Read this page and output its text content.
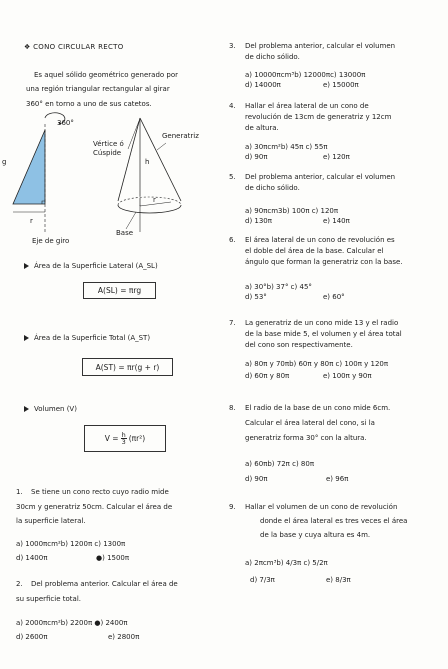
❖ CONO CIRCULAR RECTO
Es aquel sólido geométrico generado por
una región triangular rectangular al girar
360° en torno a uno de sus catetos.
360°
g
r
Vértice ó
Cúspide
Generatriz
h
r
Eje de giro
Base
Área de la Superficie Lateral (A_SL)
A(SL) = πrg
Área de la Superficie Total (A_ST)
A(ST) = πr(g + r)
Volumen (V)
$V = \frac{h}{3} (\pi r^2)$
1. Se tiene un cono recto cuyo radio mide
30cm y generatriz 50cm. Calcular el área de
la superficie lateral.
a) 1000πcm²b) 1200π c) 1300π
d) 1400π	●) 1500π
2. Del problema anterior. Calcular el área de
su superficie total.
a) 2000πcm²b) 2200π ●) 2400π
d) 2600π	e) 2800π
3. Del problema anterior, calcular el volumen
de dicho sólido.
a) 10000πcm³b) 12000πc) 13000π
d) 14000π	e) 15000π
4. Hallar el área lateral de un cono de
revolución de 13cm de generatriz y 12cm
de altura.
a) 30πcm²b) 45π c) 55π
d) 90π	e) 120π
5. Del problema anterior, calcular el volumen
de dicho sólido.
a) 90πcm3b) 100π c) 120π
d) 130π	e) 140π
6. El área lateral de un cono de revolución es
el doble del área de la base. Calcular el
ángulo que forman la generatriz con la base.
a) 30°b) 37° c) 45°
d) 53°	e) 60°
7. La generatriz de un cono mide 13 y el radio
de la base mide 5, el volumen y el área total
del cono son respectivamente.
a) 80π y 70πb) 60π y 80π c) 100π y 120π
d) 60π y 80π	e) 100π y 90π
8. El radio de la base de un cono mide 6cm.
Calcular el área lateral del cono, si la
generatriz forma 30° con la altura.
a) 60πb) 72π c) 80π
d) 90π	e) 96π
9. Hallar el volumen de un cono de revolución
donde el área lateral es tres veces el área
de la base y cuya altura es 4m.
a) 2πcm³b) 4/3π c) 5/2π
d) 7/3π	e) 8/3π
